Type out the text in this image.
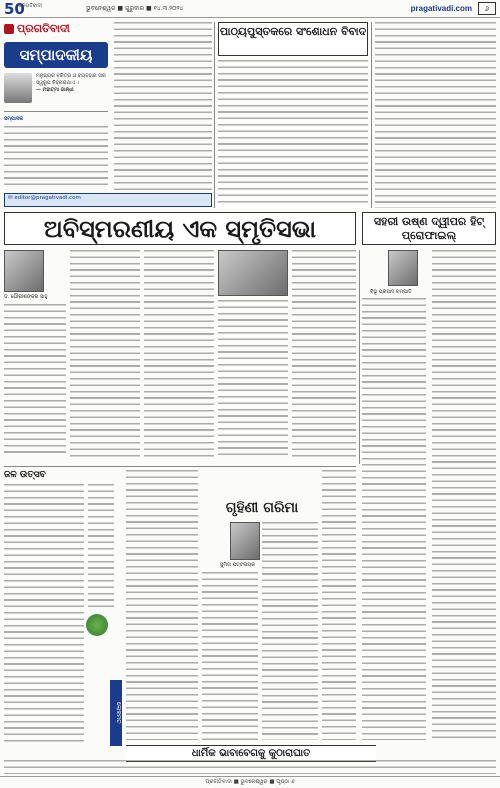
50
ପ୍ରଗତିବାଦୀ	ଭୁବନେଶ୍ୱର ■ ଗୁରୁବାର ■ ୧୪.୩.୨୦୨୪	pragativadi.com	୬
ପ୍ରଗତିବାଦୀ
ସମ୍ପାଦକୀୟ
ମନୁଷ୍ୟର ଚରିତ୍ର ଓ ବ୍ୟବହାର ତାର ସ୍ୱରୂପ ଚିହ୍ନାଇଥାଏ ।
— ମହାତ୍ମା ଗାନ୍ଧୀ
ସମ୍ପାଦକ
✉ editor@pragativadi.com
ପାଠ୍ୟପୁସ୍ତକରେ ସଂଶୋଧନ ବିବାଦ
ଅବିସ୍ମରଣୀୟ ଏକ ସ୍ମୃତିସଭା	ସହରୀ ଉଷ୍ଣ ଦ୍ୱୀପର ହିଟ୍ ପ୍ରୋଫାଇଲ୍
ଡ. ଗୌରୀଶଙ୍କର ସାହୁ
ବିଭୂ ପ୍ରସାଦ ଚମ୍ପାତି
ଜଳ ଉତ୍ସବ
ଲୋକମତ
ଗୃହିଣୀ ଗରିମା
ସୁମିତା ପଟ୍ଟନାୟକ
ଧାର୍ମିକ ଭାବାବେଗକୁ କୁଠାରାଘାତ
ପ୍ରଗତିବାଦୀ ■ ଭୁବନେଶ୍ୱର ■ ପୃଷ୍ଠା ୬
